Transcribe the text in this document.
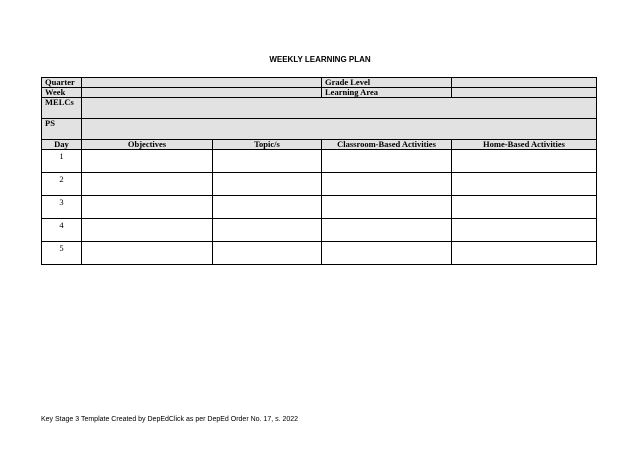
WEEKLY LEARNING PLAN
Quarter			Grade Level	
Week			Learning Area	
MELCs				
PS				
Day	Objectives	Topic/s	Classroom-Based Activities	Home-Based Activities
1				
2				
3				
4				
5				
Key Stage 3 Template Created by DepEdClick as per DepEd Order No. 17, s. 2022
